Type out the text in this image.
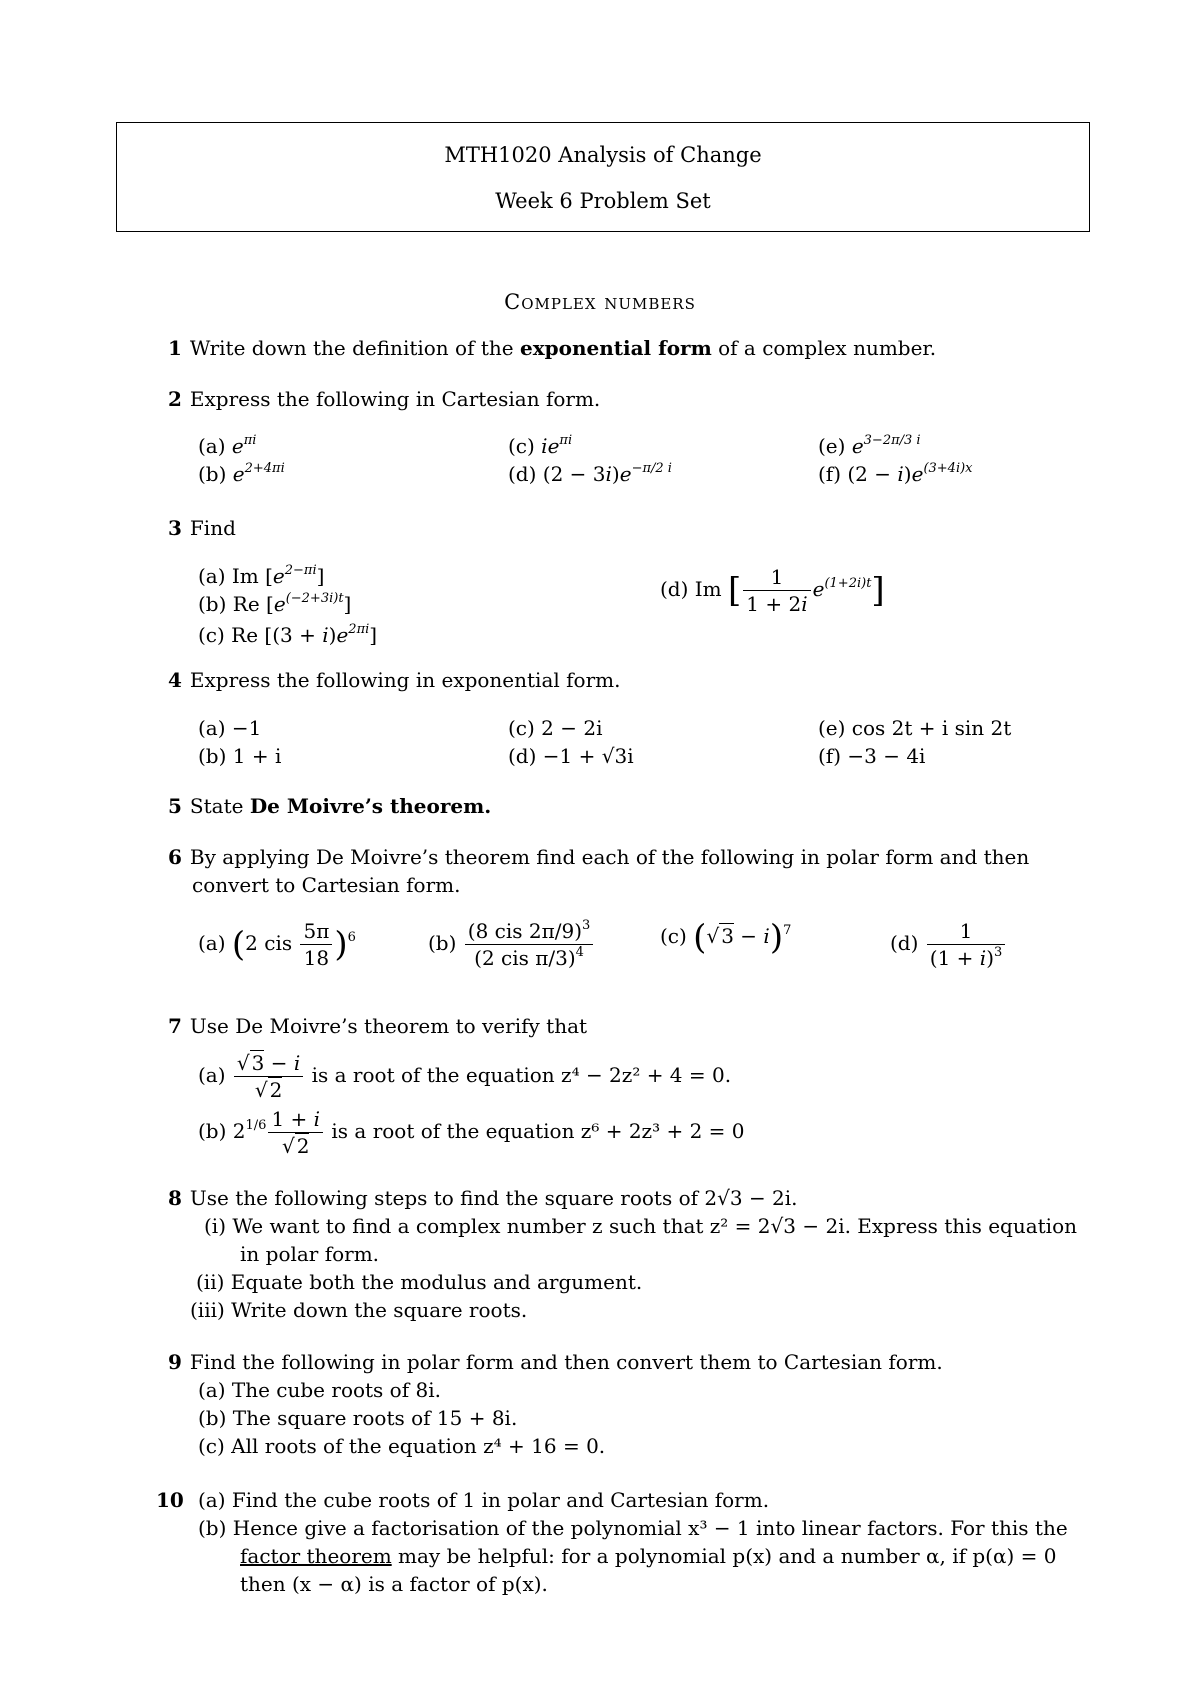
MTH1020 Analysis of Change
Week 6 Problem Set
Complex numbers
1 Write down the definition of the exponential form of a complex number.
2 Express the following in Cartesian form.
(a) $e^{\pi i}$
(b) $e^{2+4\pi i}$
(c) $ie^{\pi i}$
(d) $(2 - 3i)e^{-\pi/2 i}$
(e) $e^{3-2\pi/3 i}$
(f) $(2 - i)e^{(3+4i)x}$
3 Find
(a) Im $[e^{2-\pi i}]$
(b) Re $[e^{(-2+3i)t}]$
(c) Re $[(3 + i)e^{2\pi i}]$
(d) Im [ $\frac{1}{1 + 2i} e^{(1+2i)t}$]
4 Express the following in exponential form.
(a) −1
(b) 1 + i
(c) 2 − 2i
(d) −1 + √3i
(e) cos 2t + i sin 2t
(f) −3 − 4i
5 State De Moivre’s theorem.
6 By applying De Moivre’s theorem find each of the following in polar form and then
convert to Cartesian form.
(a) (2 cis $\frac{5\pi}{18} )^6$	$(b) \frac{(8 cis 2\pi/9)^3}{(2 cis \pi/3)^4}$	(c) (√ 3 − i)$^7$
$(d) \frac{1}{(1 + i)^3}$
7 Use De Moivre’s theorem to verify that
$(a) \frac{√ 3 - i}{√ 2}$ is a root of the equation z⁴ − 2z² + 4 = 0.
(b) $2^{1/6} \frac{1 + i}{√ 2}$ is a root of the equation z⁶ + 2z³ + 2 = 0
8 Use the following steps to find the square roots of 2√3 − 2i.
(i) We want to find a complex number z such that z² = 2√3 − 2i. Express this equation
in polar form.
(ii) Equate both the modulus and argument.
(iii) Write down the square roots.
9 Find the following in polar form and then convert them to Cartesian form.
(a) The cube roots of 8i.
(b) The square roots of 15 + 8i.
(c) All roots of the equation z⁴ + 16 = 0.
10 (a) Find the cube roots of 1 in polar and Cartesian form.
(b) Hence give a factorisation of the polynomial x³ − 1 into linear factors. For this the
factor theorem may be helpful: for a polynomial p(x) and a number α, if p(α) = 0
then (x − α) is a factor of p(x).
